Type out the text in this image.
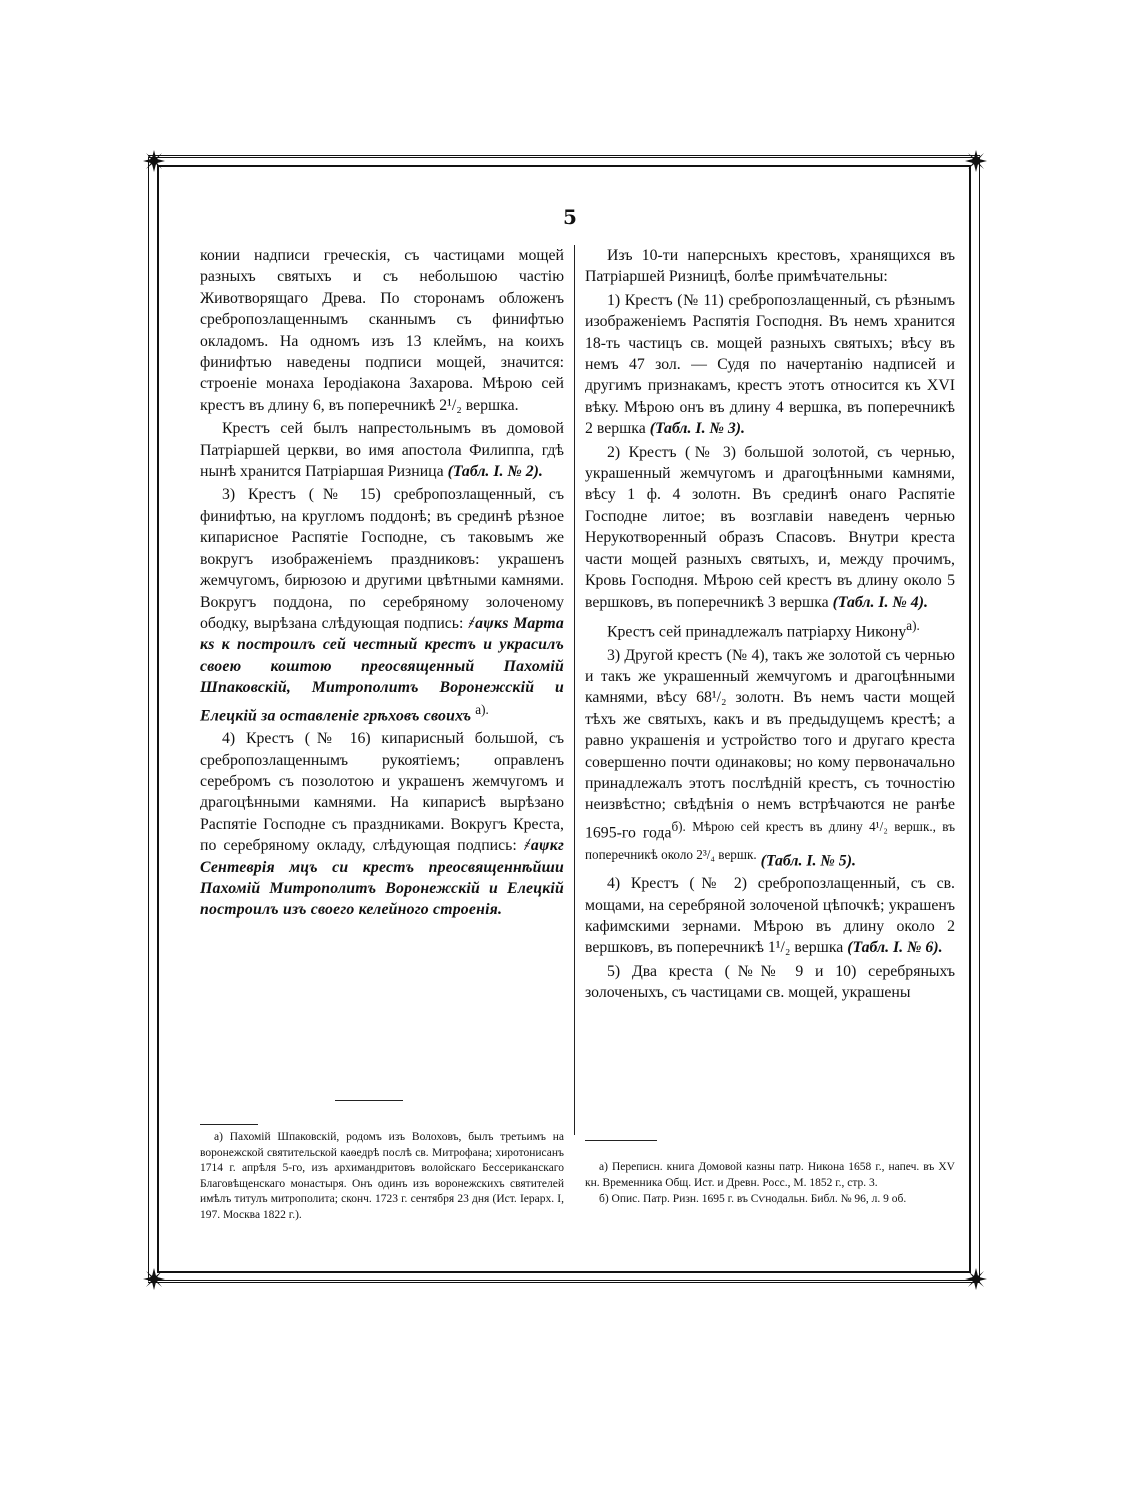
5

конии надписи греческія, съ частицами мощей разныхъ святыхъ и съ небольшою частію Животворящаго Древа. По сторонамъ обложенъ сребропозлащеннымъ сканнымъ съ финифтью окладомъ. На одномъ изъ 13 клеймъ, на коихъ финифтью наведены подписи мощей, значится: строеніе монаха Іеродіакона Захарова. Мѣрою сей крестъ въ длину 6, въ поперечникѣ 2¹/₂ вершка.

Крестъ сей былъ напрестольнымъ въ домовой Патріаршей церкви, во имя апостола Филиппа, гдѣ нынѣ хранится Патріаршая Ризница (Табл. I. № 2).

3) Крестъ (№ 15) сребропозлащенный, съ финифтью, на кругломъ поддонѣ; въ срединѣ рѣзное кипарисное Распятіе Господне, съ таковымъ же вокругъ изображеніемъ праздниковъ: украшенъ жемчугомъ, бирюзою и другими цвѣтными камнями. Вокругъ поддона, по серебряному золоченому ободку, вырѣзана слѣдующая подпись: ҂аѱкѕ Марта кѕ к построилъ сей честный крестъ и украсилъ своею коштою преосвященный Пахомій Шпаковскій, Митрополитъ Воронежскій и Елецкій за оставленіе грѣховъ своихъ $^{а).}$

4) Крестъ (№ 16) кипарисный большой, съ сребропозлащеннымъ рукоятіемъ; оправленъ серебромъ съ позолотою и украшенъ жемчугомъ и драгоцѣнными камнями. На кипарисѣ вырѣзано Распятіе Господне съ праздниками. Вокругъ Креста, по серебряному окладу, слѣдующая подпись: ҂аѱкг Сентеврія мцъ си крестъ преосвященнѣйши Пахомій Митрополитъ Воронежскій и Елецкій построилъ изъ своего келейного строенія.

Изъ 10-ти наперсныхъ крестовъ, хранящихся въ Патріаршей Ризницѣ, болѣе примѣчательны:

1) Крестъ (№ 11) сребропозлащенный, съ рѣзнымъ изображеніемъ Распятія Господня. Въ немъ хранится 18-ть частицъ св. мощей разныхъ святыхъ; вѣсу въ немъ 47 зол. — Судя по начертанію надписей и другимъ признакамъ, крестъ этотъ относится къ XVI вѣку. Мѣрою онъ въ длину 4 вершка, въ поперечникѣ 2 вершка (Табл. I. № 3).

2) Крестъ (№ 3) большой золотой, съ чернью, украшенный жемчугомъ и драгоцѣнными камнями, вѣсу 1 ф. 4 золотн. Въ срединѣ онаго Распятіе Господне литое; въ возглавіи наведенъ чернью Нерукотворенный образъ Спасовъ. Внутри креста части мощей разныхъ святыхъ, и, между прочимъ, Кровь Господня. Мѣрою сей крестъ въ длину около 5 вершковъ, въ поперечникѣ 3 вершка (Табл. I. № 4).

Крестъ сей принадлежалъ патріарху Никону$^{а).}$

3) Другой крестъ (№ 4), такъ же золотой съ чернью и такъ же украшенный жемчугомъ и драгоцѣнными камнями, вѣсу 68¹/₂ золотн. Въ немъ части мощей тѣхъ же святыхъ, какъ и въ предыдущемъ крестѣ; а равно украшенія и устройство того и другаго креста совершенно почти одинаковы; но кому первоначально принадлежалъ этотъ послѣдній крестъ, съ точностію неизвѣстно; свѣдѣнія о немъ встрѣчаются не ранѣе 1695-го года$^{б). Мѣрою сей крестъ въ длину 4^1/_2 вершк., въ поперечникѣ около 2^3/_4 вершк.}$ (Табл. I. № 5).

4) Крестъ (№ 2) сребропозлащенный, съ св. мощами, на серебряной золоченой цѣпочкѣ; украшенъ кафимскими зернами. Мѣрою въ длину около 2 вершковъ, въ поперечникѣ 1¹/₂ вершка (Табл. I. № 6).

5) Два креста (№№ 9 и 10) серебряныхъ золоченыхъ, съ частицами св. мощей, украшены

а) Пахомій Шпаковскій, родомъ изъ Волоховъ, былъ третьимъ на воронежской святительской каѳедрѣ послѣ св. Митрофана; хиротонисанъ 1714 г. апрѣля 5-го, изъ архимандритовъ волойскаго Бессериканскаго Благовѣщенскаго монастыря. Онъ одинъ изъ воронежскихъ святителей имѣлъ титулъ митрополита; сконч. 1723 г. сентября 23 дня (Ист. Іерарх. I, 197. Москва 1822 г.).

а) Переписн. книга Домовой казны патр. Никона 1658 г., напеч. въ XV кн. Временника Общ. Ист. и Древн. Росс., М. 1852 г., стр. 3.

б) Опис. Патр. Ризн. 1695 г. въ Сѵнодальн. Библ. № 96, л. 9 об.
